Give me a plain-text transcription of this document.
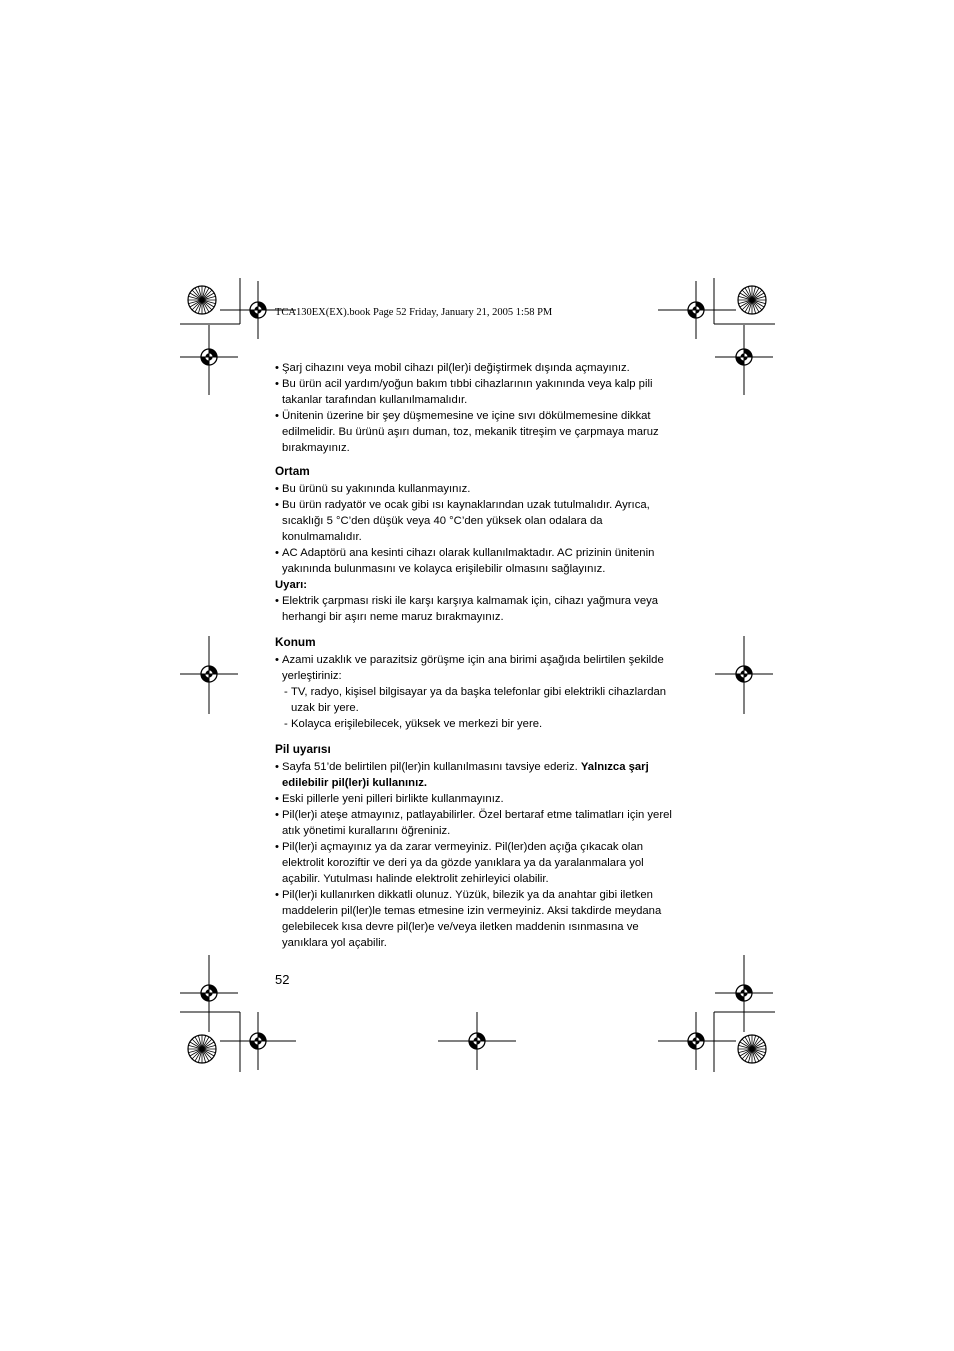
TCA130EX(EX).book Page 52 Friday, January 21, 2005 1:58 PM

• Şarj cihazını veya mobil cihazı pil(ler)i değiştirmek dışında açmayınız.

• Bu ürün acil yardım/yoğun bakım tıbbi cihazlarının yakınında veya kalp pili takanlar tarafından kullanılmamalıdır.

• Ünitenin üzerine bir şey düşmemesine ve içine sıvı dökülmemesine dikkat edilmelidir. Bu ürünü aşırı duman, toz, mekanik titreşim ve çarpmaya maruz bırakmayınız.

Ortam

• Bu ürünü su yakınında kullanmayınız.

• Bu ürün radyatör ve ocak gibi ısı kaynaklarından uzak tutulmalıdır. Ayrıca, sıcaklığı 5 °C’den düşük veya 40 °C’den yüksek olan odalara da konulmamalıdır.

• AC Adaptörü ana kesinti cihazı olarak kullanılmaktadır. AC prizinin ünitenin yakınında bulunmasını ve kolayca erişilebilir olmasını sağlayınız.

Uyarı:

• Elektrik çarpması riski ile karşı karşıya kalmamak için, cihazı yağmura veya herhangi bir aşırı neme maruz bırakmayınız.

Konum

• Azami uzaklık ve parazitsiz görüşme için ana birimi aşağıda belirtilen şekilde yerleştiriniz:

- TV, radyo, kişisel bilgisayar ya da başka telefonlar gibi elektrikli cihazlardan uzak bir yere.

- Kolayca erişilebilecek, yüksek ve merkezi bir yere.

Pil uyarısı

• Sayfa 51’de belirtilen pil(ler)in kullanılmasını tavsiye ederiz. Yalnızca şarj edilebilir pil(ler)i kullanınız.

• Eski pillerle yeni pilleri birlikte kullanmayınız.

• Pil(ler)i ateşe atmayınız, patlayabilirler. Özel bertaraf etme talimatları için yerel atık yönetimi kurallarını öğreniniz.

• Pil(ler)i açmayınız ya da zarar vermeyiniz. Pil(ler)den açığa çıkacak olan elektrolit koroziftir ve deri ya da gözde yanıklara ya da yaralanmalara yol açabilir. Yutulması halinde elektrolit zehirleyici olabilir.

• Pil(ler)i kullanırken dikkatli olunuz. Yüzük, bilezik ya da anahtar gibi iletken maddelerin pil(ler)le temas etmesine izin vermeyiniz. Aksi takdirde meydana gelebilecek kısa devre pil(ler)e ve/veya iletken maddenin ısınmasına ve yanıklara yol açabilir.

52
